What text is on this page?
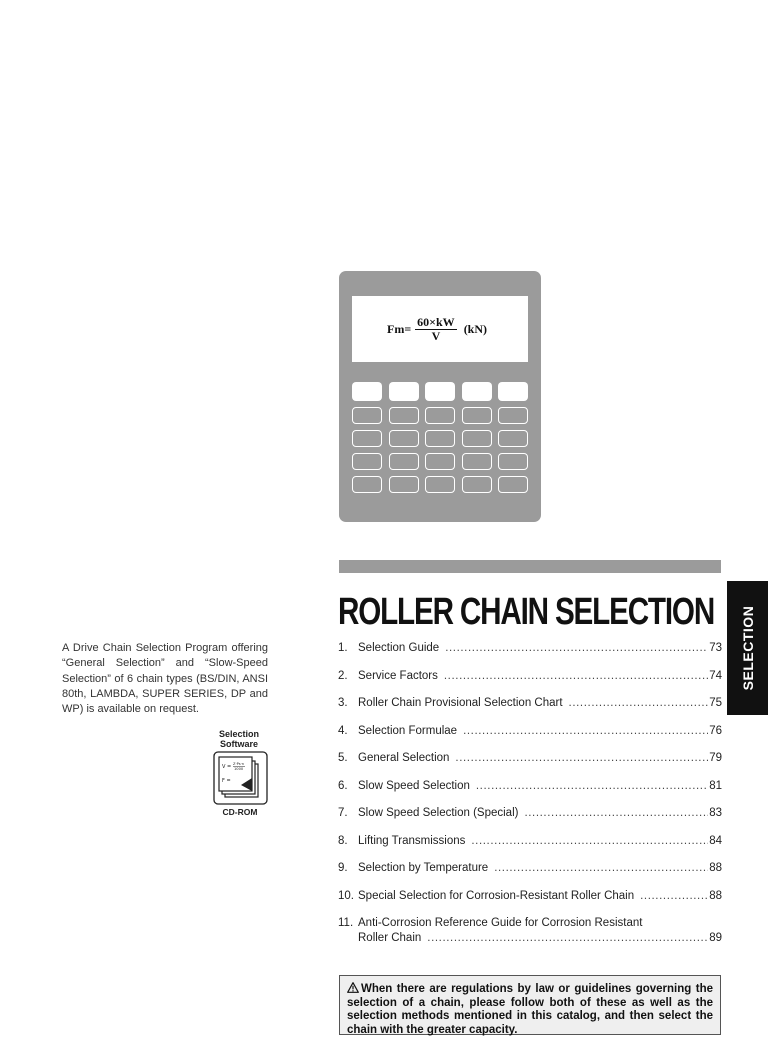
$Fm = \frac{60\times kW}{V} (kN)$
ROLLER CHAIN SELECTION SELECTION

A Drive Chain Selection Program offering “General Selection” and “Slow-Speed Selection” of 6 chain types (BS/DIN, ANSI 80th, LAMBDA, SUPER SERIES, DP and WP) is available on request.

Selection Software
V = Z·Ps·n
1000
F =
CD-ROM
1. Selection Guide .....	73
2. Service Factors .....	74
3. Roller Chain Provisional Selection Chart .....	75
4. Selection Formulae .....	76
5. General Selection .....	79
6. Slow Speed Selection .....	81
7. Slow Speed Selection (Special) .....	83
8. Lifting Transmissions .....	84
9. Selection by Temperature .....	88
10. Special Selection for Corrosion-Resistant Roller Chain .....	88
11. Anti-Corrosion Reference Guide for Corrosion Resistant
Roller Chain .....	89
When there are regulations by law or guidelines governing the selection of a chain, please follow both of these as well as the selection methods mentioned in this catalog, and then select the chain with the greater capacity.
